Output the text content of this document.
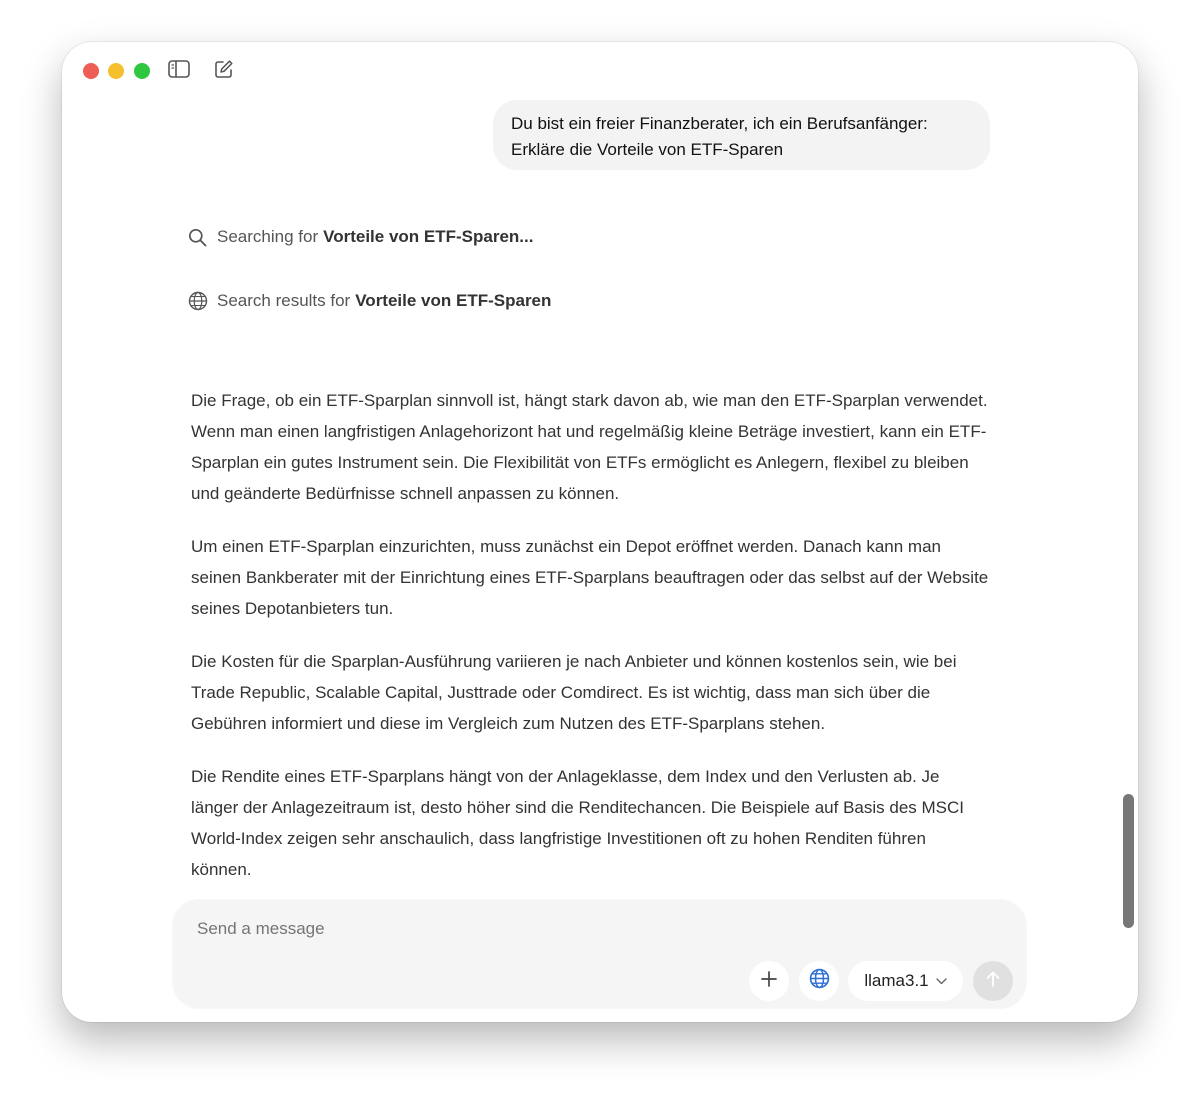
Du bist ein freier Finanzberater, ich ein Berufsanfänger:
Erkläre die Vorteile von ETF-Sparen
Searching for Vorteile von ETF-Sparen...
Search results for Vorteile von ETF-Sparen

Die Frage, ob ein ETF-Sparplan sinnvoll ist, hängt stark davon ab, wie man den ETF-Sparplan verwendet. Wenn man einen langfristigen Anlagehorizont hat und regelmäßig kleine Beträge investiert, kann ein ETF-Sparplan ein gutes Instrument sein. Die Flexibilität von ETFs ermöglicht es Anlegern, flexibel zu bleiben und geänderte Bedürfnisse schnell anpassen zu können.

Um einen ETF-Sparplan einzurichten, muss zunächst ein Depot eröffnet werden. Danach kann man seinen Bankberater mit der Einrichtung eines ETF-Sparplans beauftragen oder das selbst auf der Website seines Depotanbieters tun.

Die Kosten für die Sparplan-Ausführung variieren je nach Anbieter und können kostenlos sein, wie bei Trade Republic, Scalable Capital, Justtrade oder Comdirect. Es ist wichtig, dass man sich über die Gebühren informiert und diese im Vergleich zum Nutzen des ETF-Sparplans stehen.

Die Rendite eines ETF-Sparplans hängt von der Anlageklasse, dem Index und den Verlusten ab. Je länger der Anlagezeitraum ist, desto höher sind die Renditechancen. Die Beispiele auf Basis des MSCI World-Index zeigen sehr anschaulich, dass langfristige Investitionen oft zu hohen Renditen führen können.

Send a message
llama3.1
